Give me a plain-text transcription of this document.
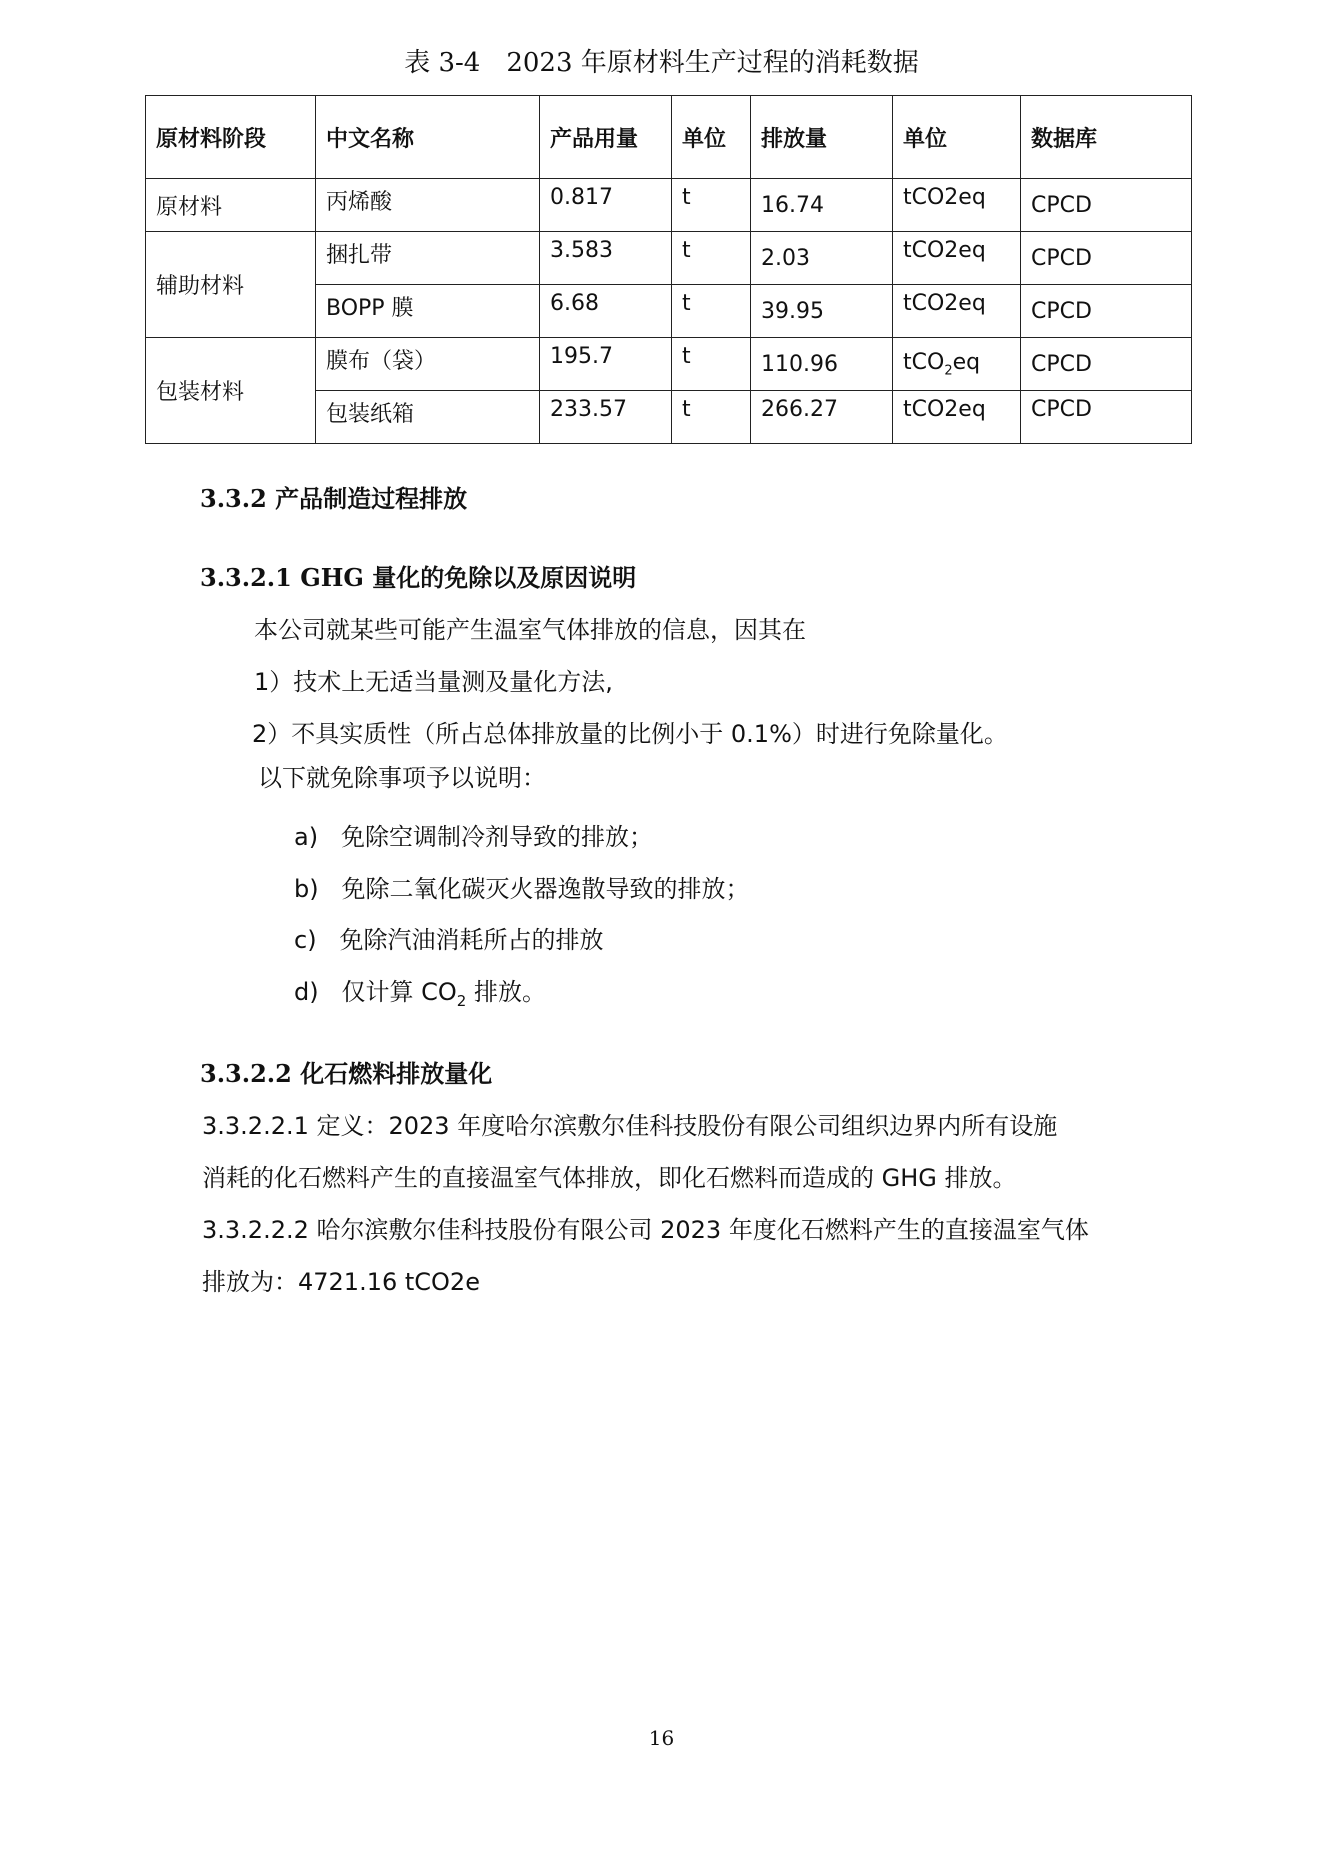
表 3-4　2023 年原材料生产过程的消耗数据
原材料阶段	中文名称	产品用量	单位	排放量	单位	数据库
原材料	丙烯酸	0.817	t	16.74	tCO2eq	CPCD
辅助材料	捆扎带	3.583	t	2.03	tCO2eq	CPCD
	BOPP 膜	6.68	t	39.95	tCO2eq	CPCD
包装材料	膜布（袋）	195.7	t	110.96	tCO$_2$eq	CPCD
	包装纸箱	233.57	t	266.27	tCO2eq	CPCD
3.3.2 产品制造过程排放
3.3.2.1 GHG 量化的免除以及原因说明
本公司就某些可能产生温室气体排放的信息，因其在
1）技术上无适当量测及量化方法,
2）不具实质性（所占总体排放量的比例小于 0.1%）时进行免除量化。
以下就免除事项予以说明：
a) 免除空调制冷剂导致的排放；
b) 免除二氧化碳灭火器逸散导致的排放；
c) 免除汽油消耗所占的排放
d) 仅计算 $CO_2$ 排放。
3.3.2.2 化石燃料排放量化
3.3.2.2.1 定义：2023 年度哈尔滨敷尔佳科技股份有限公司组织边界内所有设施
消耗的化石燃料产生的直接温室气体排放，即化石燃料而造成的 GHG 排放。
3.3.2.2.2 哈尔滨敷尔佳科技股份有限公司 2023 年度化石燃料产生的直接温室气体
排放为：4721.16 tCO2e
16
